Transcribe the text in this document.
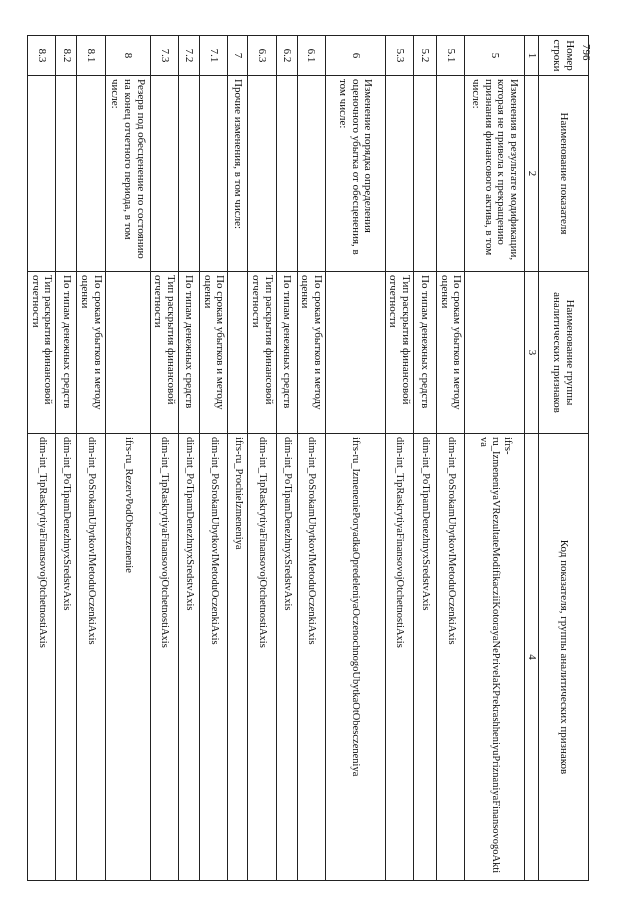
796
Номер строки	Наименование показателя	Наименование группы аналитических признаков	Код показателя, группы аналитических признаков
1	2	3	4
5	Изменения в результате модификации, которая не привела к прекращению признания финансового актива, в том числе:		ifrs-ru_IzmeneniyaVRezultateModifikacziiKotorayaNePrivelaKPrekrashheniyuPriznaniyaFinansovogoAktiva
5.1		По срокам убытков и методу оценки	dim-int_PoSrokamUbytkovIMetoduOczenkiAxis
5.2		По типам денежных средств	dim-int_PoTipamDenezhnyxSredstvAxis
5.3		Тип раскрытия финансовой отчетности	dim-int_TipRaskrytiyaFinansovojOtchetnostiAxis
6	Изменение порядка определения оценочного убытка от обесценения, в том числе:		ifrs-ru_IzmeneniePoryadkaOpredeleniyaOczenochnogoUbytkaOtObesczeneniya
6.1		По срокам убытков и методу оценки	dim-int_PoSrokamUbytkovIMetoduOczenkiAxis
6.2		По типам денежных средств	dim-int_PoTipamDenezhnyxSredstvAxis
6.3		Тип раскрытия финансовой отчетности	dim-int_TipRaskrytiyaFinansovojOtchetnostiAxis
7	Прочие изменения, в том числе:		ifrs-ru_ProchieIzmeneniya
7.1		По срокам убытков и методу оценки	dim-int_PoSrokamUbytkovIMetoduOczenkiAxis
7.2		По типам денежных средств	dim-int_PoTipamDenezhnyxSredstvAxis
7.3		Тип раскрытия финансовой отчетности	dim-int_TipRaskrytiyaFinansovojOtchetnostiAxis
8	Резерв под обесценение по состоянию на конец отчетного периода, в том числе:		ifrs-ru_RezervPodObesczenenie
8.1		По срокам убытков и методу оценки	dim-int_PoSrokamUbytkovIMetoduOczenkiAxis
8.2		По типам денежных средств	dim-int_PoTipamDenezhnyxSredstvAxis
8.3		Тип раскрытия финансовой отчетности	dim-int_TipRaskrytiyaFinansovojOtchetnostiAxis
